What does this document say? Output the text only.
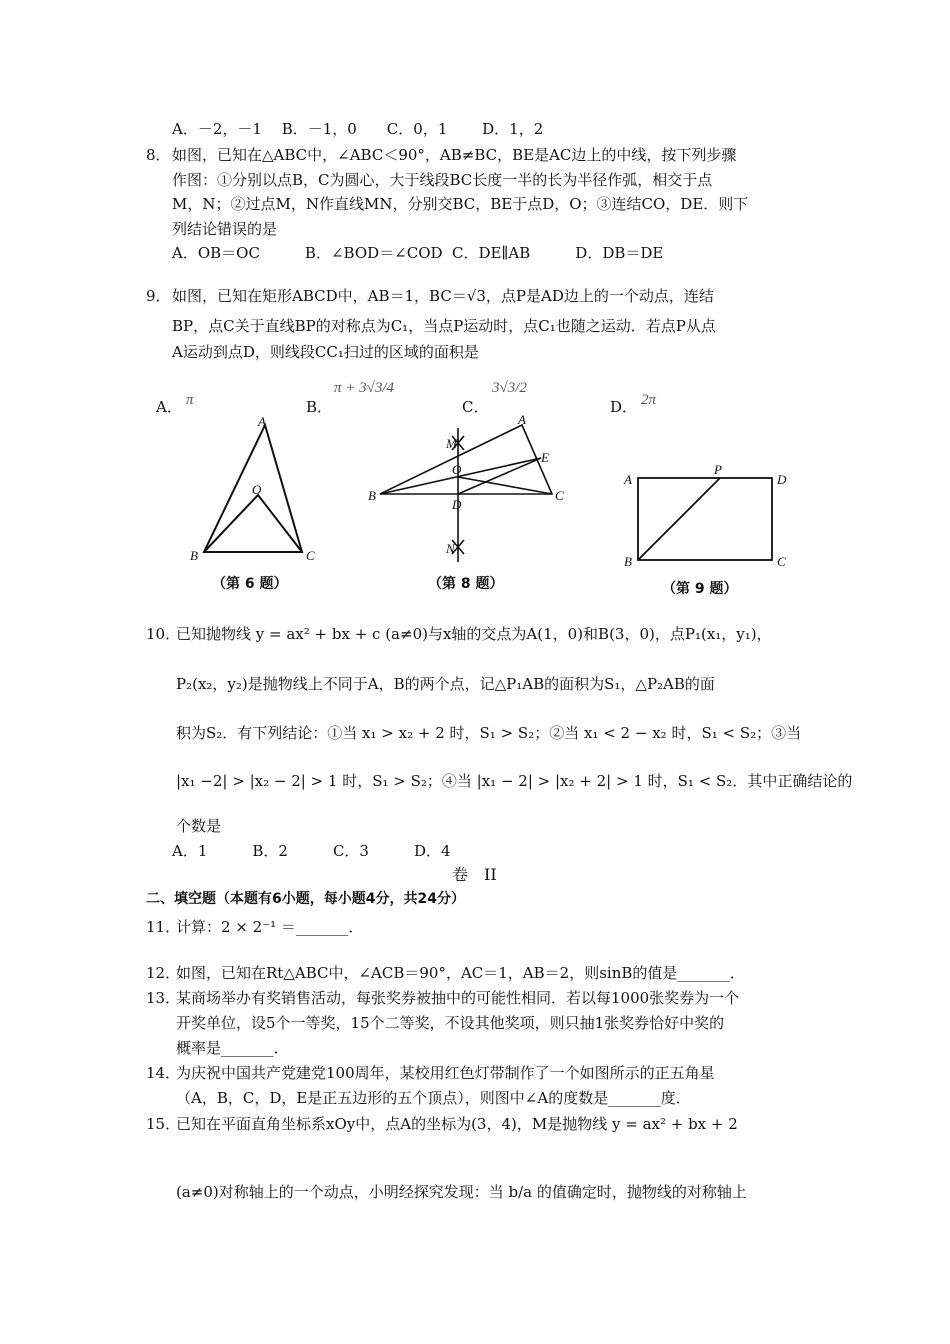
A．－2，－1　 B．－1，0　　C．0，1　　 D．1，2
8． 如图，已知在△ABC中，∠ABC＜90°，AB≠BC，BE是AC边上的中线，按下列步骤
作图：①分别以点B，C为圆心，大于线段BC长度一半的长为半径作弧，相交于点
M，N；②过点M，N作直线MN，分别交BC，BE于点D，O；③连结CO，DE．则下
列结论错误的是
A．OB＝OC　　　B．∠BOD＝∠COD  C．DE∥AB　　　D．DB＝DE
9． 如图，已知在矩形ABCD中，AB＝1，BC＝√3，点P是AD边上的一个动点，连结
BP，点C关于直线BP的对称点为C₁，当点P运动时，点C₁也随之运动．若点P从点
A运动到点D，则线段CC₁扫过的区域的面积是
A． π	B．
π + 3√3/4
C．
3√3/2
D． 2π
A
O
B	C
M
A
O
E
B
D
C
N
A
P
D
B	C
（第 6 题）	（第 8 题）	（第 9 题）
10．
已知抛物线 y = ax² + bx + c (a≠0)与x轴的交点为A(1，0)和B(3，0)，点P₁(x₁，y₁)，
P₂(x₂，y₂)是抛物线上不同于A，B的两个点，记△P₁AB的面积为S₁，△P₂AB的面
积为S₂．有下列结论：①当 x₁ > x₂ + 2 时，S₁ > S₂；②当 x₁ < 2 − x₂ 时，S₁ < S₂；③当
|x₁ −2| > |x₂ − 2| > 1 时，S₁ > S₂；④当 |x₁ − 2| > |x₂ + 2| > 1 时，S₁ < S₂．其中正确结论的
个数是
A．1　　　B．2　　　C．3　　　D．4
卷　II
二、填空题（本题有6小题，每小题4分，共24分）
11．
计算：2 × 2⁻¹ ＝_______．
12．
如图，已知在Rt△ABC中，∠ACB＝90°，AC＝1，AB＝2，则sinB的值是_______．
13．
某商场举办有奖销售活动，每张奖券被抽中的可能性相同．若以每1000张奖券为一个
开奖单位，设5个一等奖，15个二等奖，不设其他奖项，则只抽1张奖券恰好中奖的
概率是_______．
14．
为庆祝中国共产党建党100周年，某校用红色灯带制作了一个如图所示的正五角星
（A，B，C，D，E是正五边形的五个顶点），则图中∠A的度数是_______度．
15．
已知在平面直角坐标系xOy中，点A的坐标为(3，4)，M是抛物线 y = ax² + bx + 2
(a≠0)对称轴上的一个动点，小明经探究发现：当 b/a 的值确定时，抛物线的对称轴上
